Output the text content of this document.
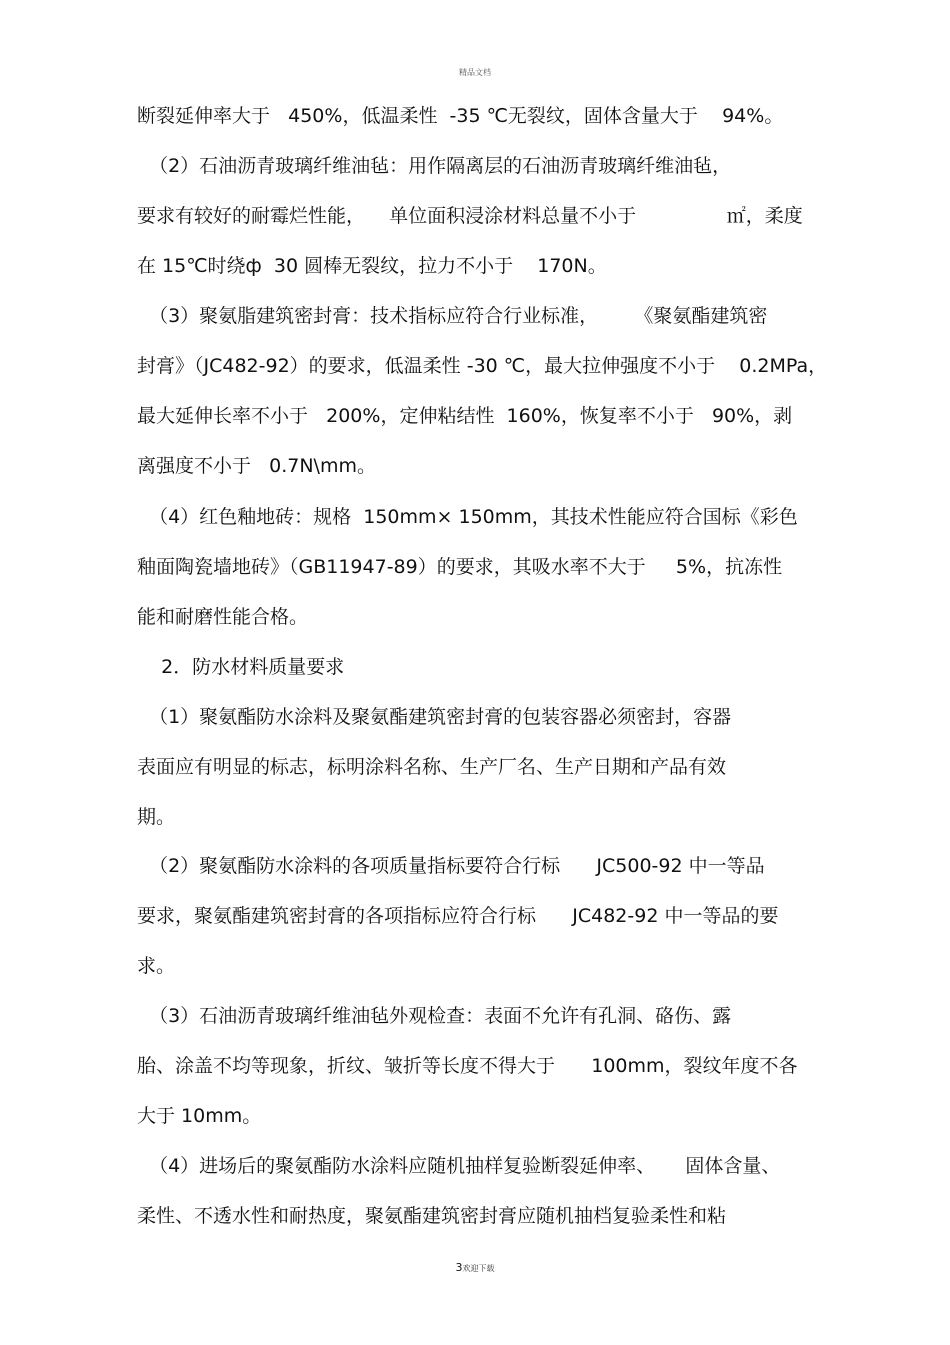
精品文档
断裂延伸率大于   450%，低温柔性  -35 ℃无裂纹，固体含量大于    94%。
（2）石油沥青玻璃纤维油毡：用作隔离层的石油沥青玻璃纤维油毡，
要求有较好的耐霉烂性能，    单位面积浸涂材料总量不小于               ㎡，柔度
在 15℃时绕ф  30 圆棒无裂纹，拉力不小于    170N。
（3）聚氨脂建筑密封膏：技术指标应符合行业标准，      《聚氨酯建筑密
封膏》（JC482-92）的要求，低温柔性 -30 ℃，最大拉伸强度不小于    0.2MPa，
最大延伸长率不小于   200%，定伸粘结性  160%，恢复率不小于   90%，剥
离强度不小于   0.7N\mm。
（4）红色釉地砖：规格  150mm× 150mm，其技术性能应符合国标《彩色
釉面陶瓷墙地砖》（GB11947-89）的要求，其吸水率不大于     5%，抗冻性
能和耐磨性能合格。
2．防水材料质量要求
（1）聚氨酯防水涂料及聚氨酯建筑密封膏的包装容器必须密封，容器
表面应有明显的标志，标明涂料名称、生产厂名、生产日期和产品有效
期。
（2）聚氨酯防水涂料的各项质量指标要符合行标      JC500-92 中一等品
要求，聚氨酯建筑密封膏的各项指标应符合行标      JC482-92 中一等品的要
求。
（3）石油沥青玻璃纤维油毡外观检查：表面不允许有孔洞、硌伤、露
胎、涂盖不均等现象，折纹、皱折等长度不得大于      100mm，裂纹年度不各
大于 10mm。
（4）进场后的聚氨酯防水涂料应随机抽样复验断裂延伸率、     固体含量、
柔性、不透水性和耐热度，聚氨酯建筑密封膏应随机抽档复验柔性和粘
3欢迎下载
